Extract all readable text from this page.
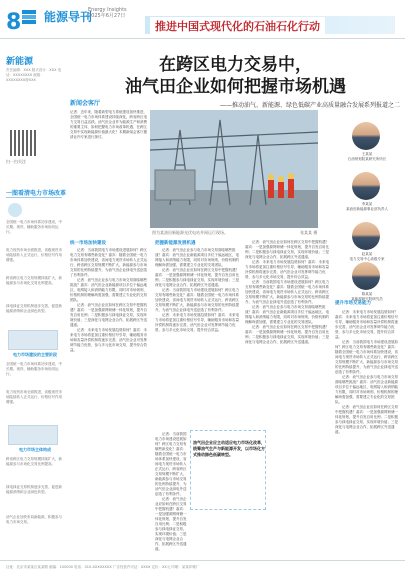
8 能源导刊
Energy Insights
2025年6月27日
推进中国式现代化的石油石化行动
新能源
责任编辑：XXX 版式设计：XXX 电话：XXXXXXXX 邮箱：XXXXXXXX@XXX
扫一扫关注
一图看清电力市场改革
全国统一电力市场体系初步建成，中长期、现货、辅助服务市场协同运行。
电力现货市场全面推进，省级现货市场陆续转入正式运行，价格信号作用增强。
跨省跨区电力交易规模持续扩大，新能源参与市场化交易比例提高。
绿电绿证交易机制逐步完善，促进新能源消纳和企业绿色转型。
电力市场建设的主要阶段
全国统一电力市场体系初步建成，中长期、现货、辅助服务市场协同运行。
电力现货市场全面推进，省级现货市场陆续转入正式运行，价格信号作用增强。
电力市场主体构成
跨省跨区电力交易规模持续扩大，新能源参与市场化交易比例提高。
绿电绿证交易机制逐步完善，促进新能源消纳和企业绿色转型。
油气企业加快布局新能源，积极参与电力市场交易。
在跨区电力交易中，
油气田企业如何把握市场机遇
新闻会客厅	——推动油气、新能源、绿色低碳产业高质量融合发展系列报道之二
记者：近年来，随着新型电力系统建设加快推进，全国统一电力市场体系建设持续深化，跨省跨区电力交易日益活跃。油气田企业作为能源生产和消费的重要主体，如何把握电力市场改革机遇、在跨区交易中实现新能源价值最大化？本期新闻会客厅邀请业内专家进行探讨。
图为某油田新能源光伏电站并网运行现场。	张某某 摄
统一市场加快建设

记者：当前我国电力市场建设进展如何？跨区电力交易有哪些新变化？嘉宾：随着全国统一电力市场体系加快建设，省间电力现货市场转入正式运行，跨省跨区交易规模不断扩大，新能源参与市场交易的比例持续提升，为油气田企业绿电外送创造了有利条件。

记者：油气田企业参与电力市场交易面临哪些挑战？嘉宾：油气田企业新能源项目多位于偏远地区，电网接入和消纳能力有限，同时对市场规则、价格机制的理解尚需加强，需要建立专业化的交易团队。

记者：油气田企业应如何在跨区交易中把握机遇？嘉宾：一是加强源网荷储一体化规划，提升自发自用比例；二是积极参与绿电绿证交易，实现环境价值；三是深化与电网企业合作，拓展跨区外送通道。

记者：未来电力市场发展趋势如何？嘉宾：未来电力市场将更加注重价格信号引导，辅助服务市场和容量补偿机制将逐步完善，油气田企业可发挥调节能力优势，参与多元化市场交易，提升综合效益。

把握新能源发展机遇

记者：油气田企业参与电力市场交易面临哪些挑战？嘉宾：油气田企业新能源项目多位于偏远地区，电网接入和消纳能力有限，同时对市场规则、价格机制的理解尚需加强，需要建立专业化的交易团队。

记者：油气田企业应如何在跨区交易中把握机遇？嘉宾：一是加强源网荷储一体化规划，提升自发自用比例；二是积极参与绿电绿证交易，实现环境价值；三是深化与电网企业合作，拓展跨区外送通道。

记者：当前我国电力市场建设进展如何？跨区电力交易有哪些新变化？嘉宾：随着全国统一电力市场体系加快建设，省间电力现货市场转入正式运行，跨省跨区交易规模不断扩大，新能源参与市场交易的比例持续提升，为油气田企业绿电外送创造了有利条件。

记者：未来电力市场发展趋势如何？嘉宾：未来电力市场将更加注重价格信号引导，辅助服务市场和容量补偿机制将逐步完善，油气田企业可发挥调节能力优势，参与多元化市场交易，提升综合效益。

记者：油气田企业应如何在跨区交易中把握机遇？嘉宾：一是加强源网荷储一体化规划，提升自发自用比例；二是积极参与绿电绿证交易，实现环境价值；三是深化与电网企业合作，拓展跨区外送通道。

记者：未来电力市场发展趋势如何？嘉宾：未来电力市场将更加注重价格信号引导，辅助服务市场和容量补偿机制将逐步完善，油气田企业可发挥调节能力优势，参与多元化市场交易，提升综合效益。

记者：当前我国电力市场建设进展如何？跨区电力交易有哪些新变化？嘉宾：随着全国统一电力市场体系加快建设，省间电力现货市场转入正式运行，跨省跨区交易规模不断扩大，新能源参与市场交易的比例持续提升，为油气田企业绿电外送创造了有利条件。

记者：油气田企业参与电力市场交易面临哪些挑战？嘉宾：油气田企业新能源项目多位于偏远地区，电网接入和消纳能力有限，同时对市场规则、价格机制的理解尚需加强，需要建立专业化的交易团队。

记者：油气田企业应如何在跨区交易中把握机遇？嘉宾：一是加强源网荷储一体化规划，提升自发自用比例；二是积极参与绿电绿证交易，实现环境价值；三是深化与电网企业合作，拓展跨区外送通道。

提升市场交易能力

记者：未来电力市场发展趋势如何？嘉宾：未来电力市场将更加注重价格信号引导，辅助服务市场和容量补偿机制将逐步完善，油气田企业可发挥调节能力优势，参与多元化市场交易，提升综合效益。

记者：当前我国电力市场建设进展如何？跨区电力交易有哪些新变化？嘉宾：随着全国统一电力市场体系加快建设，省间电力现货市场转入正式运行，跨省跨区交易规模不断扩大，新能源参与市场交易的比例持续提升，为油气田企业绿电外送创造了有利条件。

记者：油气田企业参与电力市场交易面临哪些挑战？嘉宾：油气田企业新能源项目多位于偏远地区，电网接入和消纳能力有限，同时对市场规则、价格机制的理解尚需加强，需要建立专业化的交易团队。

记者：油气田企业应如何在跨区交易中把握机遇？嘉宾：一是加强源网荷储一体化规划，提升自发自用比例；二是积极参与绿电绿证交易，实现环境价值；三是深化与电网企业合作，拓展跨区外送通道。

油气田企业应主动适应电力市场化改革，统筹油气生产与新能源开发，以市场化方式推动绿色低碳转型。

记者：当前我国电力市场建设进展如何？跨区电力交易有哪些新变化？嘉宾：随着全国统一电力市场体系加快建设，省间电力现货市场转入正式运行，跨省跨区交易规模不断扩大，新能源参与市场交易的比例持续提升，为油气田企业绿电外送创造了有利条件。

记者：油气田企业应如何在跨区交易中把握机遇？嘉宾：一是加强源网荷储一体化规划，提升自发自用比例；二是积极参与绿电绿证交易，实现环境价值；三是深化与电网企业合作，拓展跨区外送通道。

王某某
石油规划院某研究所所长
李某某
某油田新能源事业部负责人
赵某某
电力交易中心高级专家
陈某某
某能源研究院研究员
社址：北京市某某区某某路 邮编：100000 电话：010-XXXXXXXX 广告经营许可证：XXXX 定价：XX元 印刷：某某印刷厂
